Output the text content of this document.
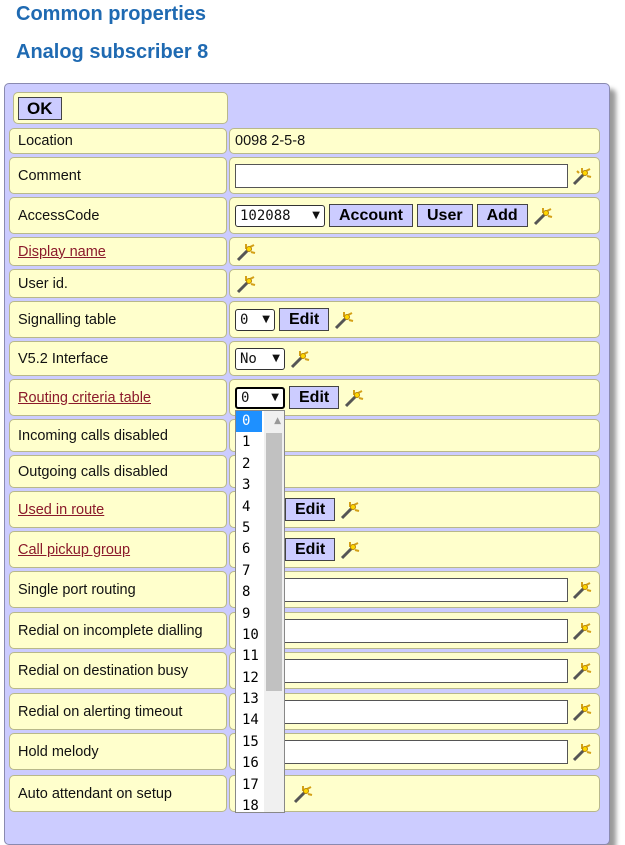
Common properties
Analog subscriber 8
OK
Location	0098 2-5-8
Comment
AccessCode	102088 ▼	Account	User	Add
Display name
User id.
Signalling table	0 ▼	Edit
V5.2 Interface	No ▼
Routing criteria table	0 ▼	Edit
Incoming calls disabled
Outgoing calls disabled
Used in route	Edit
Call pickup group	Edit
Single port routing
Redial on incomplete dialling
Redial on destination busy
Redial on alerting timeout
Hold melody
Auto attendant on setup
0
1
2
3
4
5
6
7
8
9
10
11
12
13
14
15
16
17
18
▲
